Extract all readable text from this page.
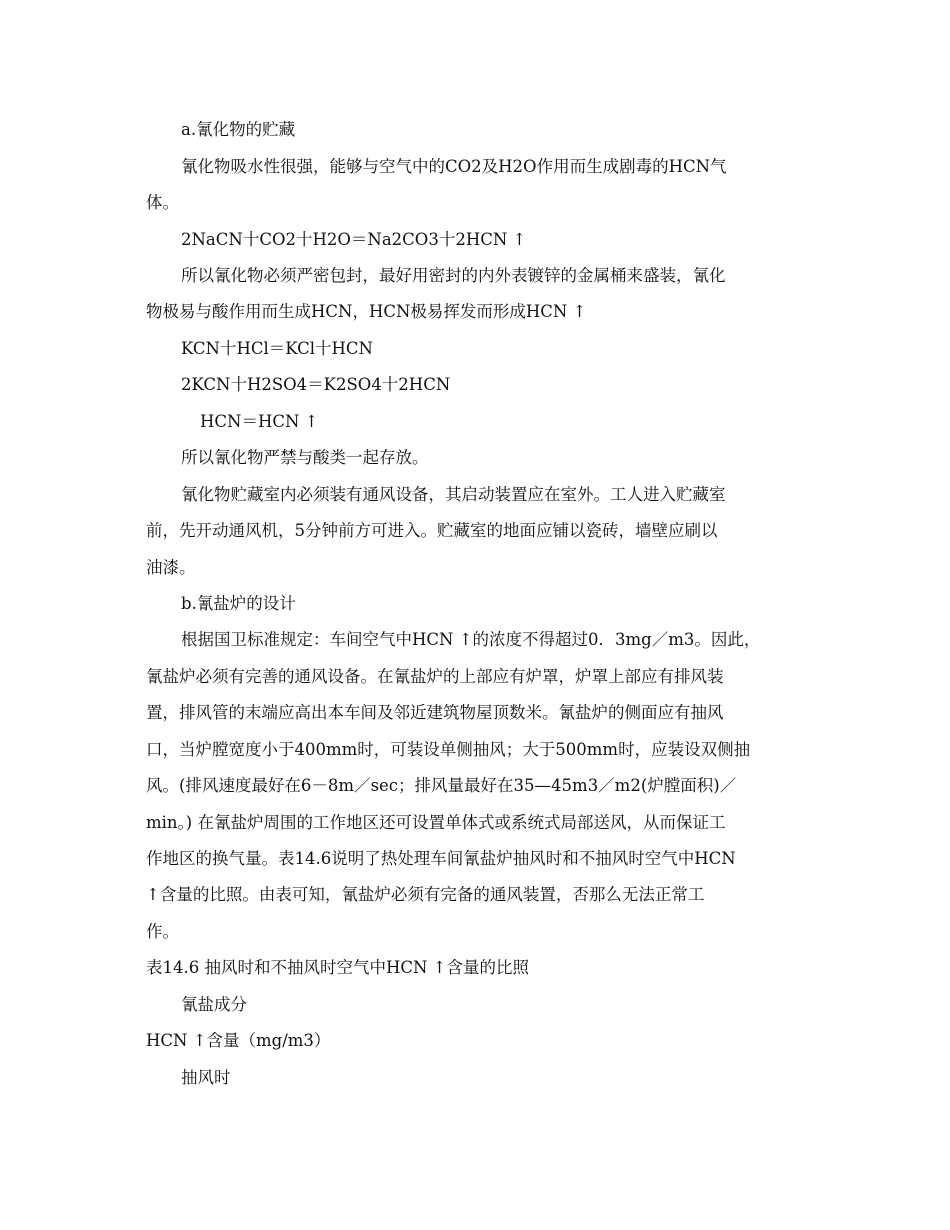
a.氰化物的贮藏
氰化物吸水性很强，能够与空气中的CO2及H2O作用而生成剧毒的HCN气
体。
2NaCN十CO2十H2O＝Na2CO3十2HCN ↑
所以氰化物必须严密包封，最好用密封的内外表镀锌的金属桶来盛装，氰化
物极易与酸作用而生成HCN，HCN极易挥发而形成HCN ↑
KCN十HCl＝KCl十HCN
2KCN十H2SO4＝K2SO4十2HCN
HCN＝HCN ↑
所以氰化物严禁与酸类一起存放。
氰化物贮藏室内必须装有通风设备，其启动装置应在室外。工人进入贮藏室
前，先开动通风机，5分钟前方可进入。贮藏室的地面应铺以瓷砖，墙壁应刷以
油漆。
b.氰盐炉的设计
根据国卫标准规定：车间空气中HCN ↑的浓度不得超过0．3mg／m3。因此，
氰盐炉必须有完善的通风设备。在氰盐炉的上部应有炉罩，炉罩上部应有排风装
置，排风管的末端应高出本车间及邻近建筑物屋顶数米。氰盐炉的侧面应有抽风
口，当炉膛宽度小于400mm时，可装设单侧抽风；大于500mm时，应装设双侧抽
风。(排风速度最好在6－8m／sec；排风量最好在35—45m3／m2(炉膛面积)／
min。) 在氰盐炉周围的工作地区还可设置单体式或系统式局部送风，从而保证工
作地区的换气量。表14.6说明了热处理车间氰盐炉抽风时和不抽风时空气中HCN
↑含量的比照。由表可知，氰盐炉必须有完备的通风装置，否那么无法正常工
作。
表14.6 抽风时和不抽风时空气中HCN ↑含量的比照
氰盐成分
HCN ↑含量（mg/m3）
抽风时
